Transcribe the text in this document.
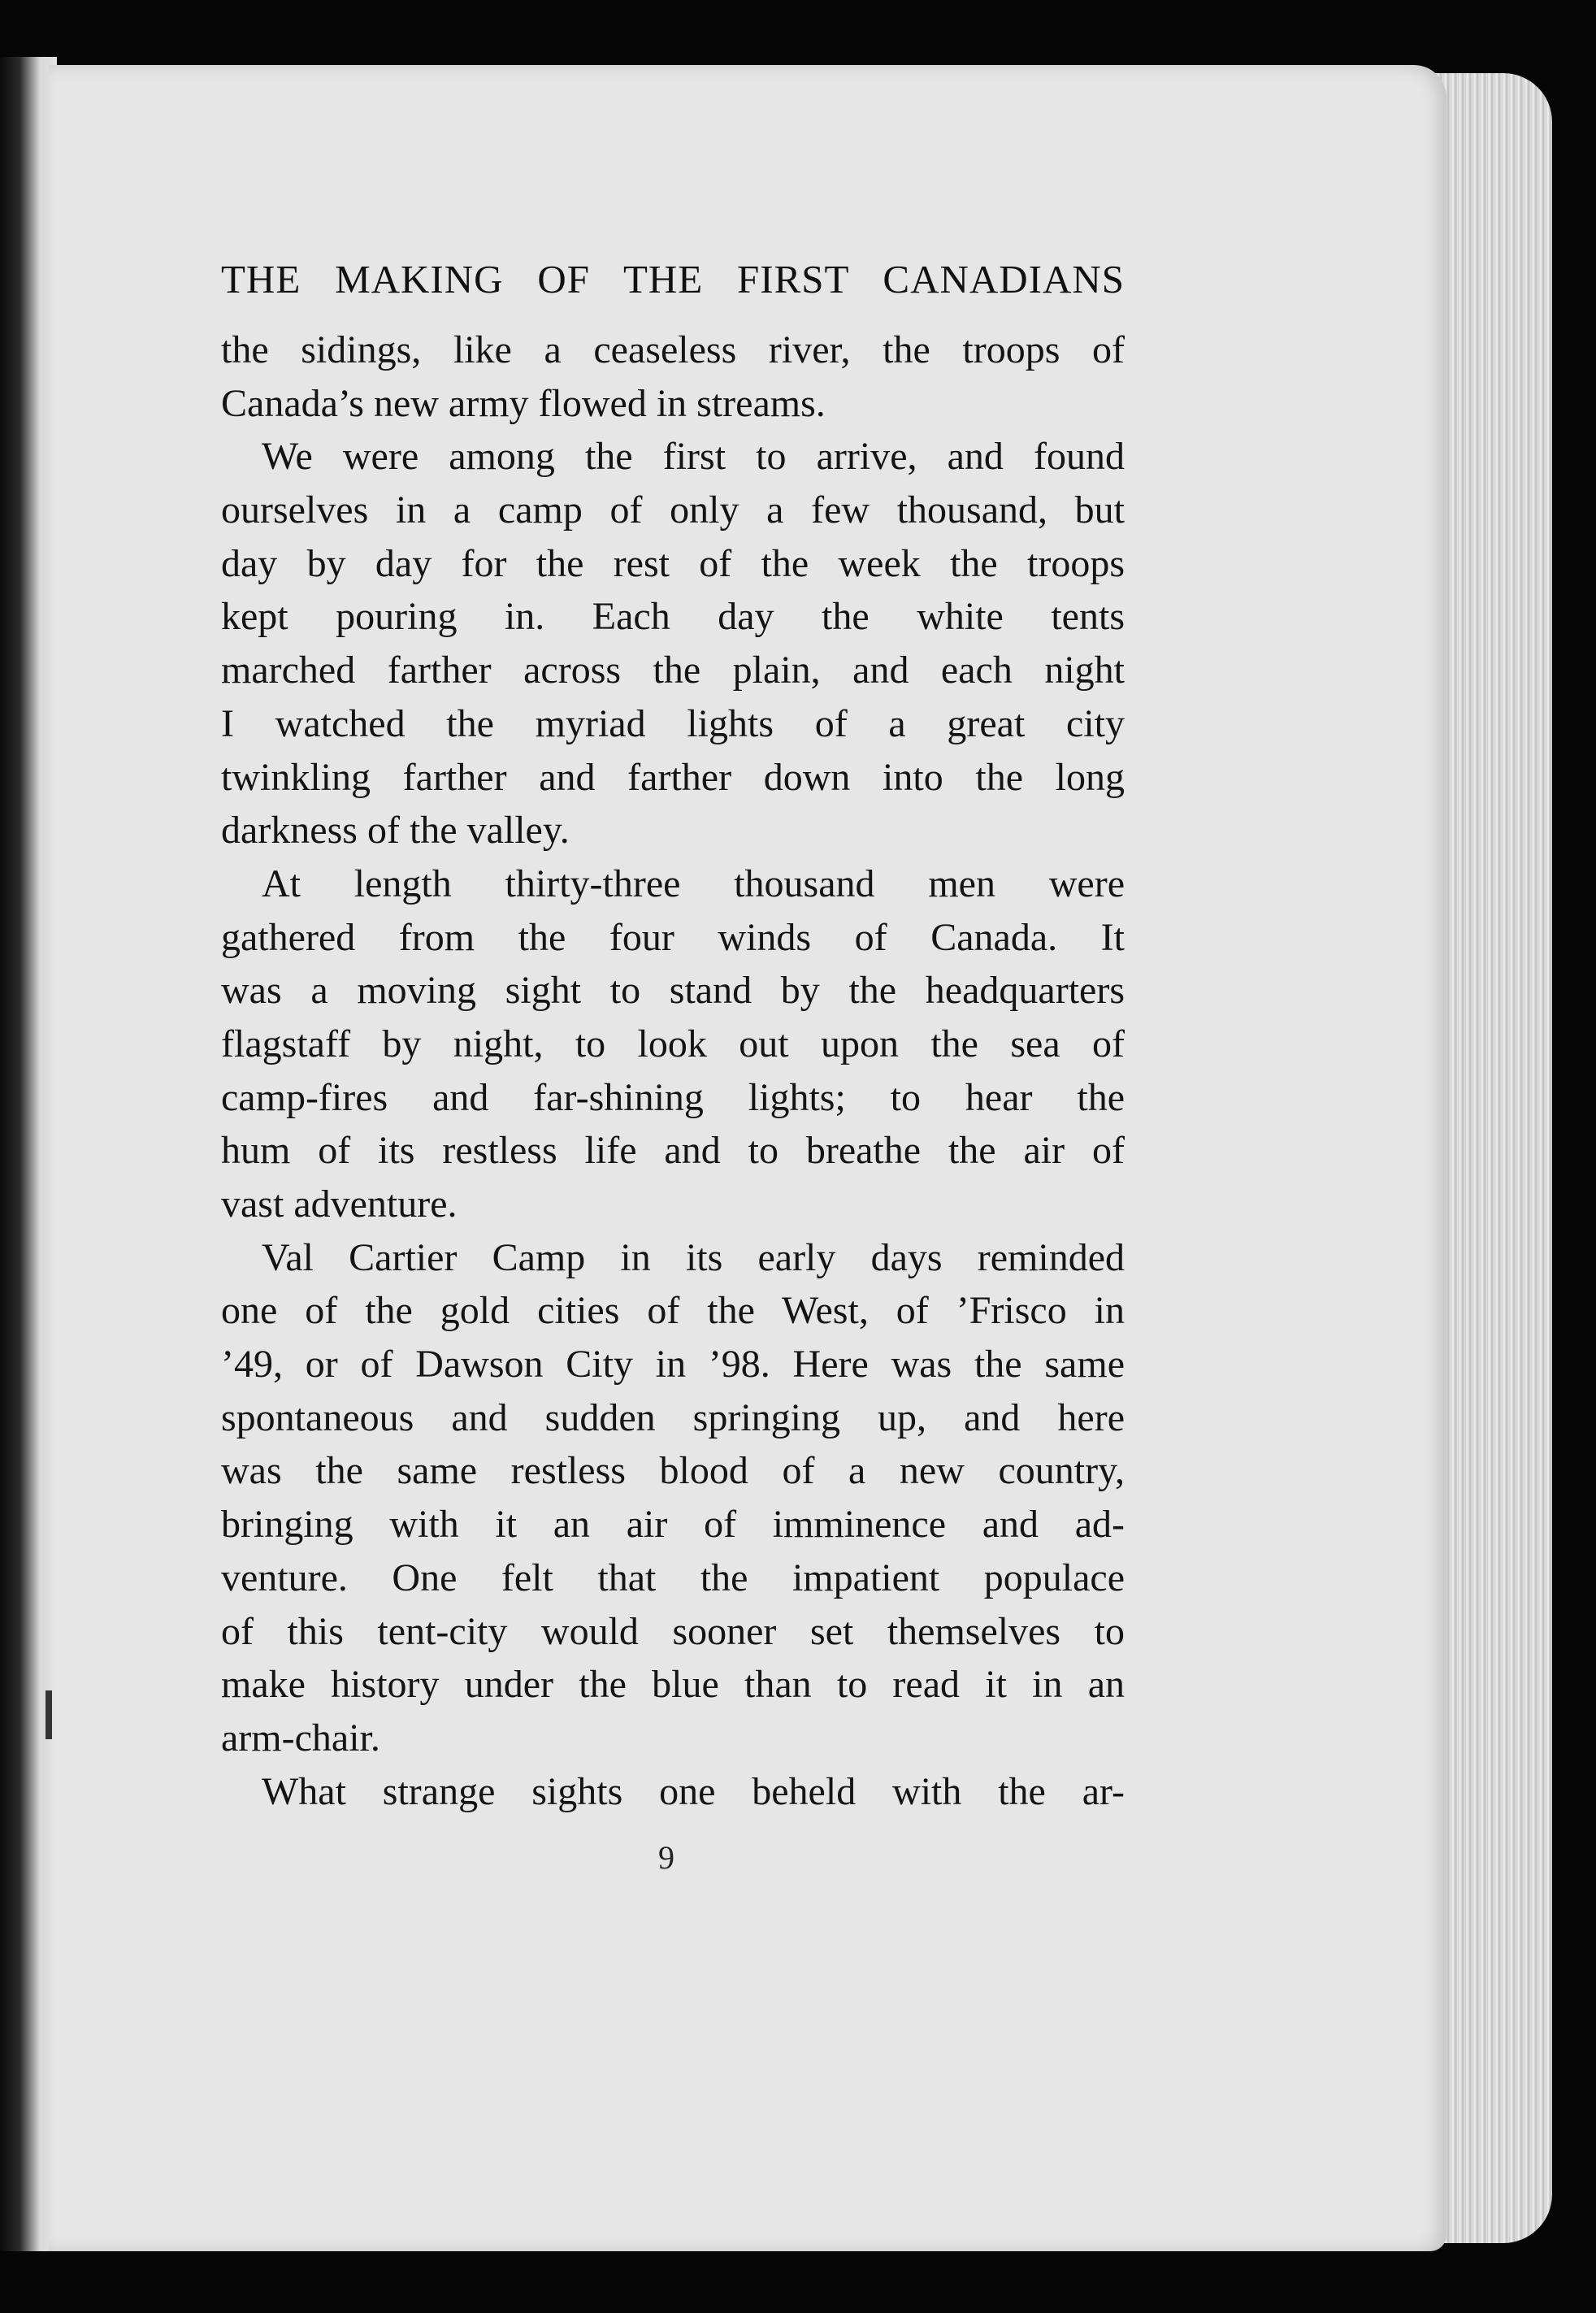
THE MAKING OF THE FIRST CANADIANS
the sidings, like a ceaseless river, the troops of
Canada’s new army flowed in streams.
We were among the first to arrive, and found
ourselves in a camp of only a few thousand, but
day by day for the rest of the week the troops
kept pouring in. Each day the white tents
marched farther across the plain, and each night
I watched the myriad lights of a great city
twinkling farther and farther down into the long
darkness of the valley.
At length thirty-three thousand men were
gathered from the four winds of Canada. It
was a moving sight to stand by the headquarters
flagstaff by night, to look out upon the sea of
camp-fires and far-shining lights; to hear the
hum of its restless life and to breathe the air of
vast adventure.
Val Cartier Camp in its early days reminded
one of the gold cities of the West, of ’Frisco in
’49, or of Dawson City in ’98. Here was the same
spontaneous and sudden springing up, and here
was the same restless blood of a new country,
bringing with it an air of imminence and ad-
venture. One felt that the impatient populace
of this tent-city would sooner set themselves to
make history under the blue than to read it in an
arm-chair.
What strange sights one beheld with the ar-
9
